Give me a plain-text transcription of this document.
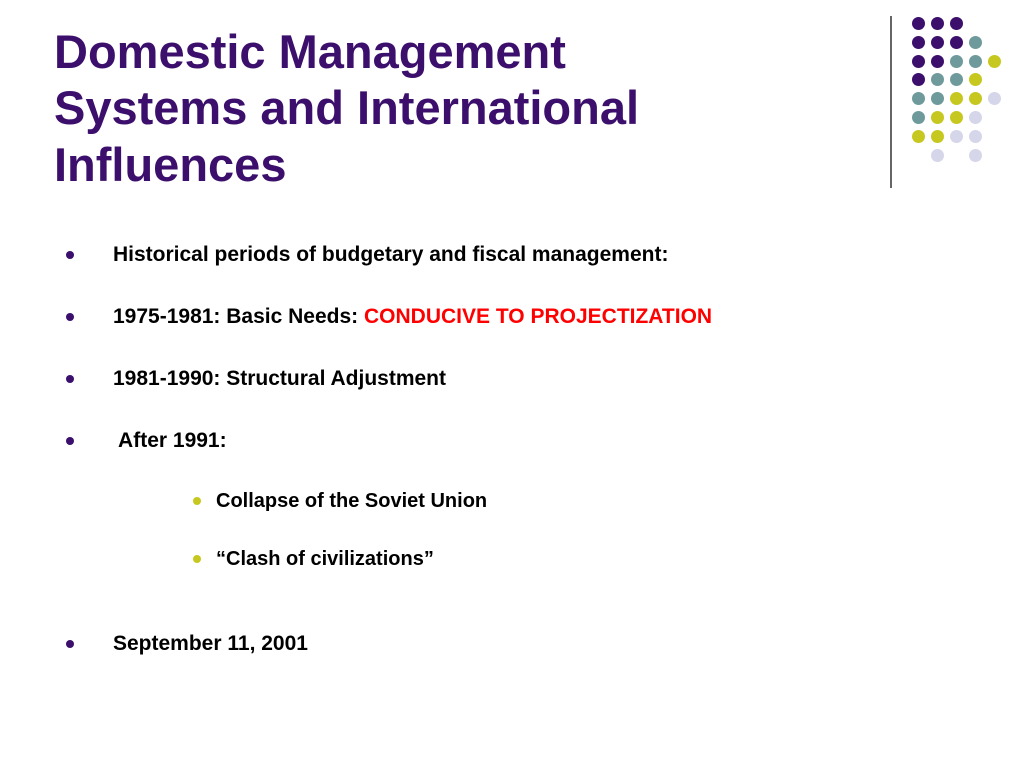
Domestic Management
Systems and International
Influences
Historical periods of budgetary and fiscal management:
1975-1981: Basic Needs: CONDUCIVE TO PROJECTIZATION
1981-1990: Structural Adjustment
After 1991:
Collapse of the Soviet Union
“Clash of civilizations”
September 11, 2001
